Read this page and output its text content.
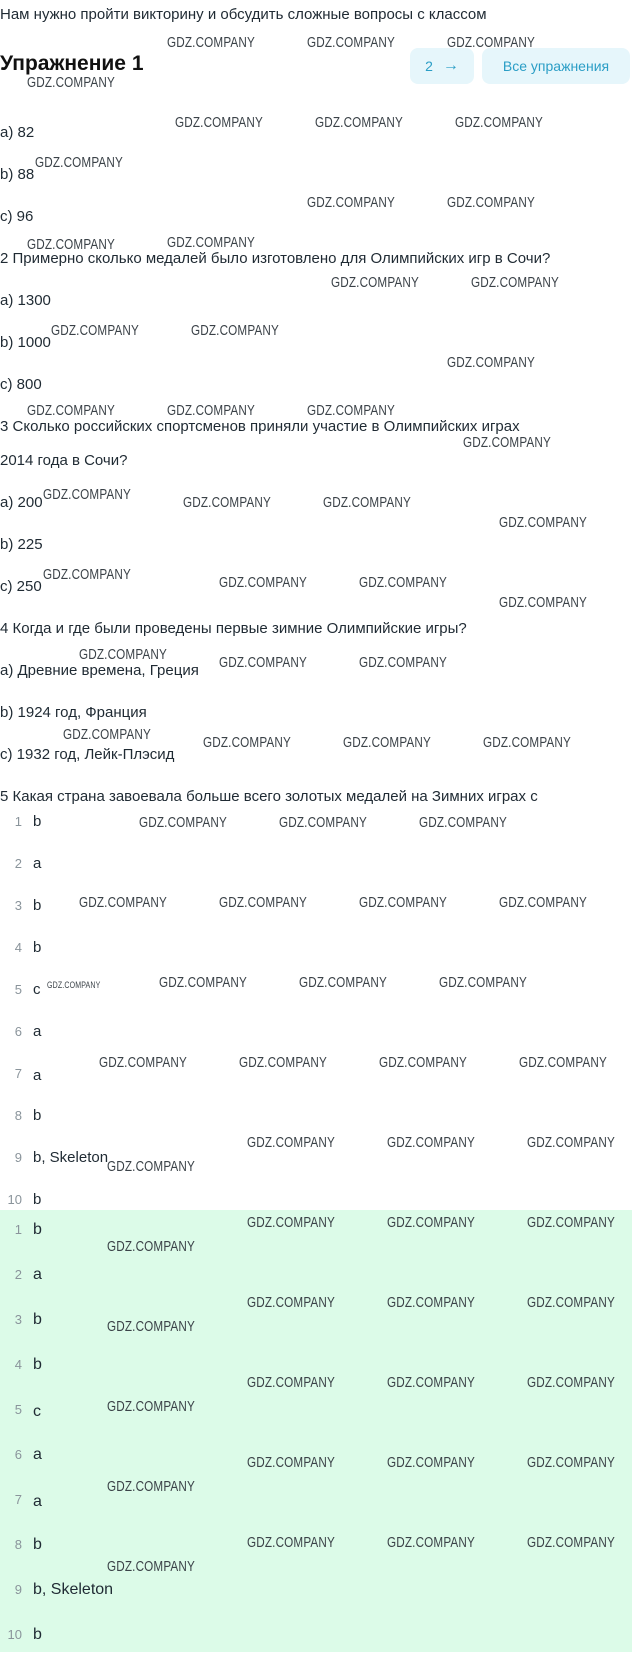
Нам нужно пройти викторину и обсудить сложные вопросы с классом
Упражнение 1	2 →	Все упражнения
a) 82
b) 88
c) 96
2 Примерно сколько медалей было изготовлено для Олимпийских игр в Сочи?
a) 1300
b) 1000
c) 800
3 Сколько российских спортсменов приняли участие в Олимпийских играх
2014 года в Сочи?
a) 200
b) 225
c) 250
4 Когда и где были проведены первые зимние Олимпийские игры?
a) Древние времена, Греция
b) 1924 год, Франция
c) 1932 год, Лейк-Плэсид
5 Какая страна завоевала больше всего золотых медалей на Зимних играх с
1 b
2 a
3 b
4 b
5 c
6 a
7 a
8 b
9 b, Skeleton
10 b
1 b
2 a
3 b
4 b
5 c
6 a
7 a
8 b
9 b, Skeleton
10 b
GDZ.COMPANY	GDZ.COMPANY	GDZ.COMPANY
GDZ.COMPANY
GDZ.COMPANY	GDZ.COMPANY	GDZ.COMPANY
GDZ.COMPANY
GDZ.COMPANY	GDZ.COMPANY
GDZ.COMPANY	GDZ.COMPANY
GDZ.COMPANY	GDZ.COMPANY
GDZ.COMPANY	GDZ.COMPANY
GDZ.COMPANY
GDZ.COMPANY	GDZ.COMPANY	GDZ.COMPANY
GDZ.COMPANY
GDZ.COMPANY	GDZ.COMPANY	GDZ.COMPANY
GDZ.COMPANY
GDZ.COMPANY	GDZ.COMPANY	GDZ.COMPANY
GDZ.COMPANY
GDZ.COMPANY	GDZ.COMPANY	GDZ.COMPANY
GDZ.COMPANY	GDZ.COMPANY	GDZ.COMPANY	GDZ.COMPANY
GDZ.COMPANY	GDZ.COMPANY	GDZ.COMPANY
GDZ.COMPANY	GDZ.COMPANY	GDZ.COMPANY	GDZ.COMPANY
GDZ.COMPANY	GDZ.COMPANY	GDZ.COMPANY	GDZ.COMPANY
GDZ.COMPANY	GDZ.COMPANY	GDZ.COMPANY	GDZ.COMPANY
GDZ.COMPANY	GDZ.COMPANY	GDZ.COMPANY
GDZ.COMPANY
GDZ.COMPANY	GDZ.COMPANY	GDZ.COMPANY
GDZ.COMPANY
GDZ.COMPANY	GDZ.COMPANY	GDZ.COMPANY
GDZ.COMPANY
GDZ.COMPANY	GDZ.COMPANY	GDZ.COMPANY
GDZ.COMPANY
GDZ.COMPANY	GDZ.COMPANY	GDZ.COMPANY
GDZ.COMPANY
GDZ.COMPANY	GDZ.COMPANY	GDZ.COMPANY
GDZ.COMPANY
